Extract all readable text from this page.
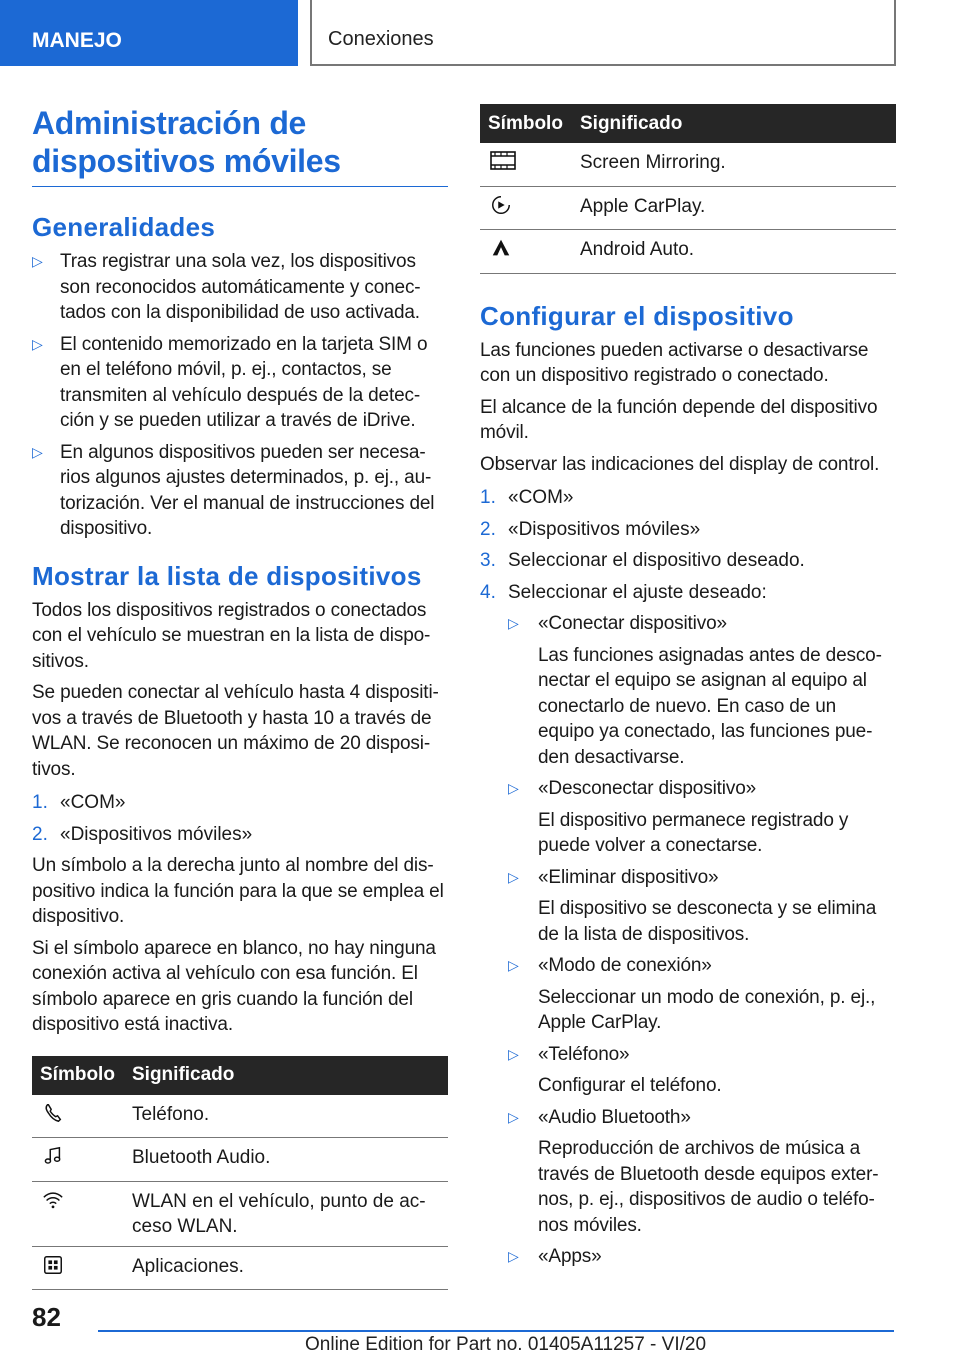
MANEJO	Conexiones
Administración de dispositivos móviles
Generalidades
▷ Tras registrar una sola vez, los dispositivos son reconocidos automáticamente y conec-tados con la disponibilidad de uso activada.
▷ El contenido memorizado en la tarjeta SIM o en el teléfono móvil, p. ej., contactos, se transmiten al vehículo después de la detec-ción y se pueden utilizar a través de iDrive.
▷ En algunos dispositivos pueden ser necesa-rios algunos ajustes determinados, p. ej., au-torización. Ver el manual de instrucciones del dispositivo.
Mostrar la lista de dispositivos

Todos los dispositivos registrados o conectados con el vehículo se muestran en la lista de dispo-sitivos.

Se pueden conectar al vehículo hasta 4 dispositi-vos a través de Bluetooth y hasta 10 a través de WLAN. Se reconocen un máximo de 20 disposi-tivos.

1. «COM»
2. «Dispositivos móviles»

Un símbolo a la derecha junto al nombre del dis-positivo indica la función para la que se emplea el dispositivo.

Si el símbolo aparece en blanco, no hay ninguna conexión activa al vehículo con esa función. El símbolo aparece en gris cuando la función del dispositivo está inactiva.

Símbolo	Significado
	Teléfono.
	Bluetooth Audio.
	WLAN en el vehículo, punto de ac-ceso WLAN.
	Aplicaciones.
Símbolo	Significado
	Screen Mirroring.
	Apple CarPlay.
	Android Auto.
Configurar el dispositivo

Las funciones pueden activarse o desactivarse con un dispositivo registrado o conectado.

El alcance de la función depende del dispositivo móvil.

Observar las indicaciones del display de control.

1. «COM»
2. «Dispositivos móviles»
3. Seleccionar el dispositivo deseado.
4. Seleccionar el ajuste deseado:
▷ «Conectar dispositivo»
Las funciones asignadas antes de desco-nectar el equipo se asignan al equipo al conectarlo de nuevo. En caso de un equipo ya conectado, las funciones pue-den desactivarse.
▷ «Desconectar dispositivo»
El dispositivo permanece registrado y puede volver a conectarse.
▷ «Eliminar dispositivo»
El dispositivo se desconecta y se elimina de la lista de dispositivos.
▷ «Modo de conexión»
Seleccionar un modo de conexión, p. ej., Apple CarPlay.
▷ «Teléfono»
Configurar el teléfono.
▷ «Audio Bluetooth»
Reproducción de archivos de música a través de Bluetooth desde equipos exter-nos, p. ej., dispositivos de audio o teléfo-nos móviles.
▷ «Apps»
82
Online Edition for Part no. 01405A11257 - VI/20
